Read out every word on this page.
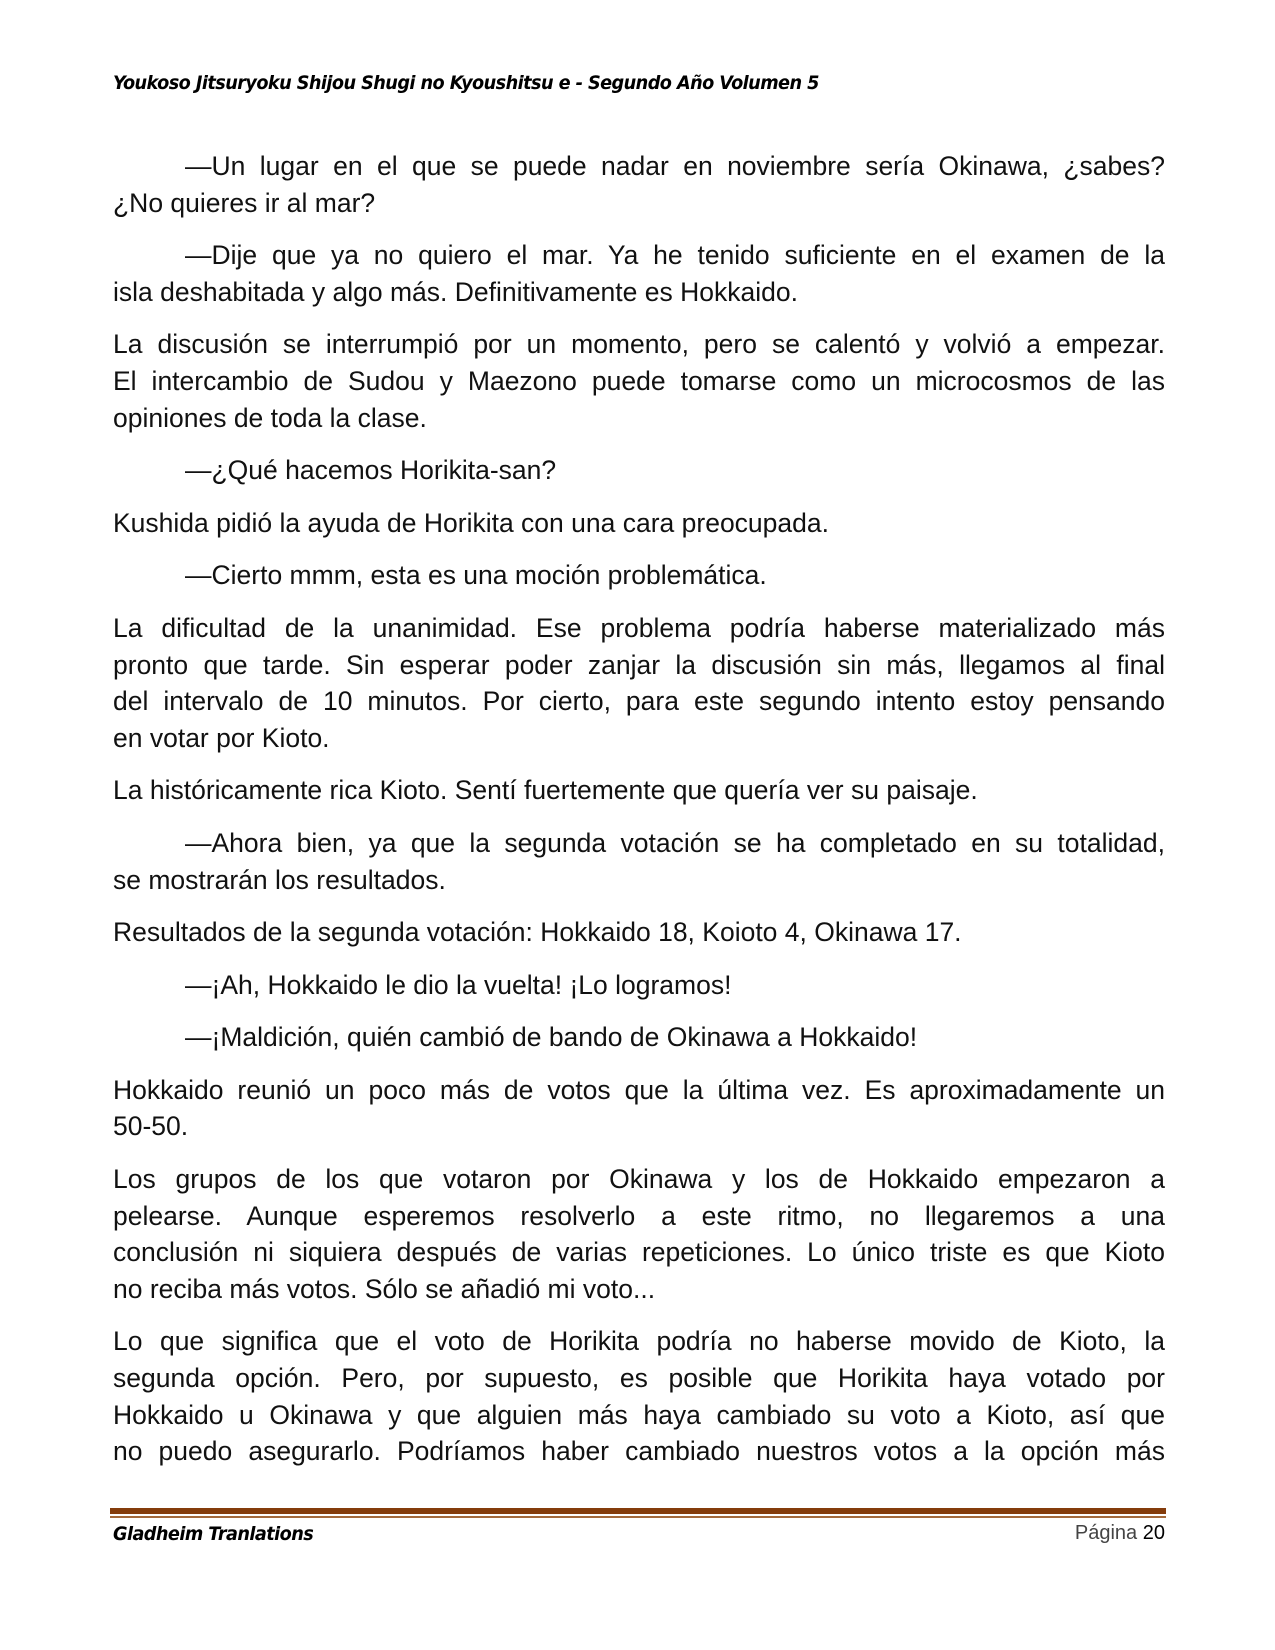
Youkoso Jitsuryoku Shijou Shugi no Kyoushitsu e - Segundo Año Volumen 5
—Un lugar en el que se puede nadar en noviembre sería Okinawa, ¿sabes?
¿No quieres ir al mar?
—Dije que ya no quiero el mar. Ya he tenido suficiente en el examen de la
isla deshabitada y algo más. Definitivamente es Hokkaido.
La discusión se interrumpió por un momento, pero se calentó y volvió a empezar.
El intercambio de Sudou y Maezono puede tomarse como un microcosmos de las
opiniones de toda la clase.
—¿Qué hacemos Horikita-san?
Kushida pidió la ayuda de Horikita con una cara preocupada.
—Cierto mmm, esta es una moción problemática.
La dificultad de la unanimidad. Ese problema podría haberse materializado más
pronto que tarde. Sin esperar poder zanjar la discusión sin más, llegamos al final
del intervalo de 10 minutos. Por cierto, para este segundo intento estoy pensando
en votar por Kioto.
La históricamente rica Kioto. Sentí fuertemente que quería ver su paisaje.
—Ahora bien, ya que la segunda votación se ha completado en su totalidad,
se mostrarán los resultados.
Resultados de la segunda votación: Hokkaido 18, Koioto 4, Okinawa 17.
—¡Ah, Hokkaido le dio la vuelta! ¡Lo logramos!
—¡Maldición, quién cambió de bando de Okinawa a Hokkaido!
Hokkaido reunió un poco más de votos que la última vez. Es aproximadamente un
50-50.
Los grupos de los que votaron por Okinawa y los de Hokkaido empezaron a
pelearse. Aunque esperemos resolverlo a este ritmo, no llegaremos a una
conclusión ni siquiera después de varias repeticiones. Lo único triste es que Kioto
no reciba más votos. Sólo se añadió mi voto...
Lo que significa que el voto de Horikita podría no haberse movido de Kioto, la
segunda opción. Pero, por supuesto, es posible que Horikita haya votado por
Hokkaido u Okinawa y que alguien más haya cambiado su voto a Kioto, así que
no puedo asegurarlo. Podríamos haber cambiado nuestros votos a la opción más
Gladheim Tranlations	Página 20
